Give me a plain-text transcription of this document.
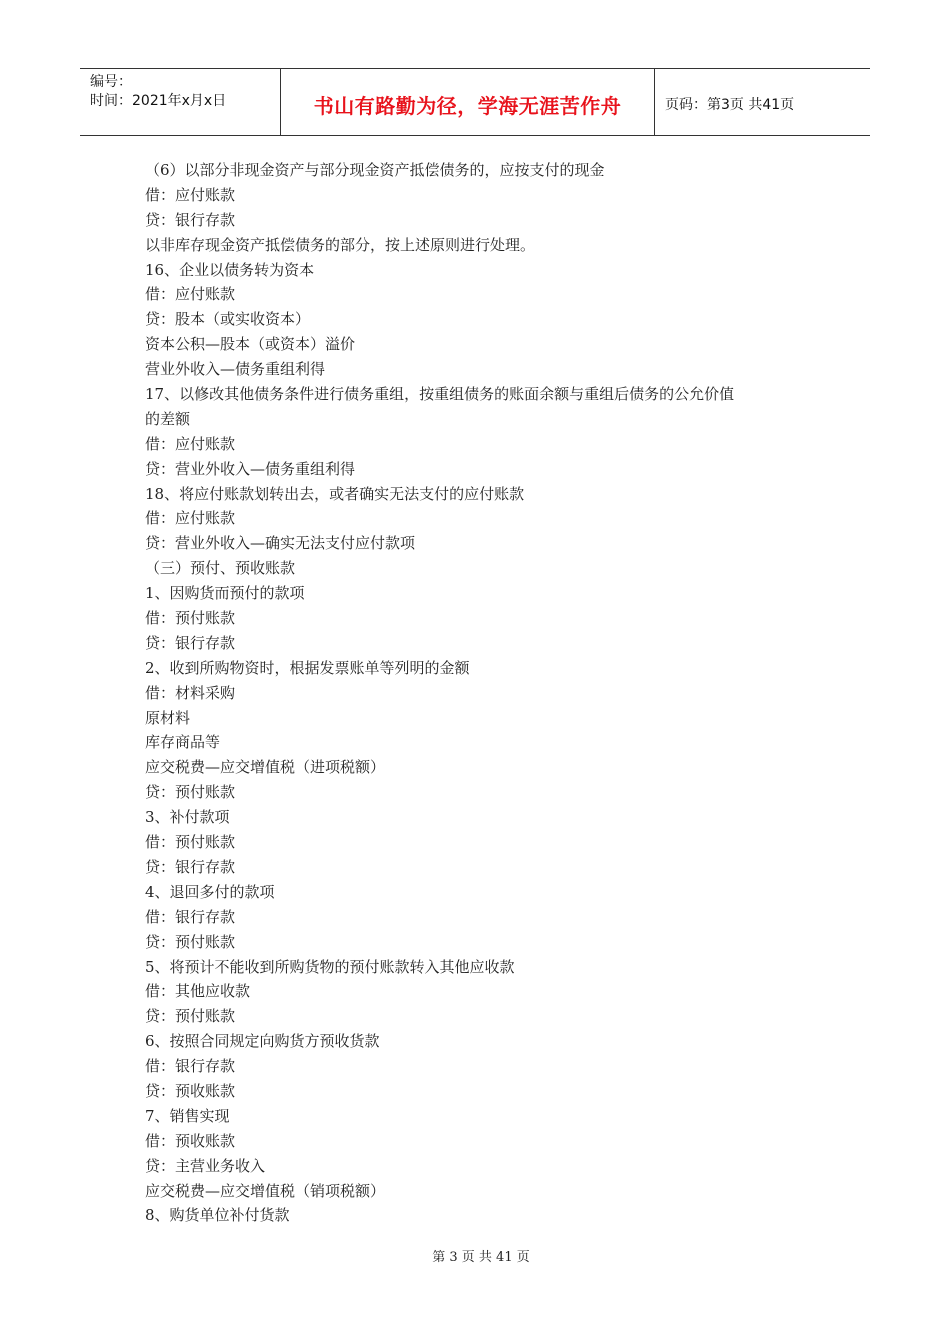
编号：
时间：2021年x月x日	书山有路勤为径，学海无涯苦作舟	页码：第3页 共41页
（6）以部分非现金资产与部分现金资产抵偿债务的，应按支付的现金
借：应付账款
贷：银行存款
以非库存现金资产抵偿债务的部分，按上述原则进行处理。
16、企业以债务转为资本
借：应付账款
贷：股本（或实收资本）
资本公积—股本（或资本）溢价
营业外收入—债务重组利得
17、以修改其他债务条件进行债务重组，按重组债务的账面余额与重组后债务的公允价值
的差额
借：应付账款
贷：营业外收入—债务重组利得
18、将应付账款划转出去，或者确实无法支付的应付账款
借：应付账款
贷：营业外收入—确实无法支付应付款项
（三）预付、预收账款
1、因购货而预付的款项
借：预付账款
贷：银行存款
2、收到所购物资时，根据发票账单等列明的金额
借：材料采购
原材料
库存商品等
应交税费—应交增值税（进项税额）
贷：预付账款
3、补付款项
借：预付账款
贷：银行存款
4、退回多付的款项
借：银行存款
贷：预付账款
5、将预计不能收到所购货物的预付账款转入其他应收款
借：其他应收款
贷：预付账款
6、按照合同规定向购货方预收货款
借：银行存款
贷：预收账款
7、销售实现
借：预收账款
贷：主营业务收入
应交税费—应交增值税（销项税额）
8、购货单位补付货款
第 3 页 共 41 页
